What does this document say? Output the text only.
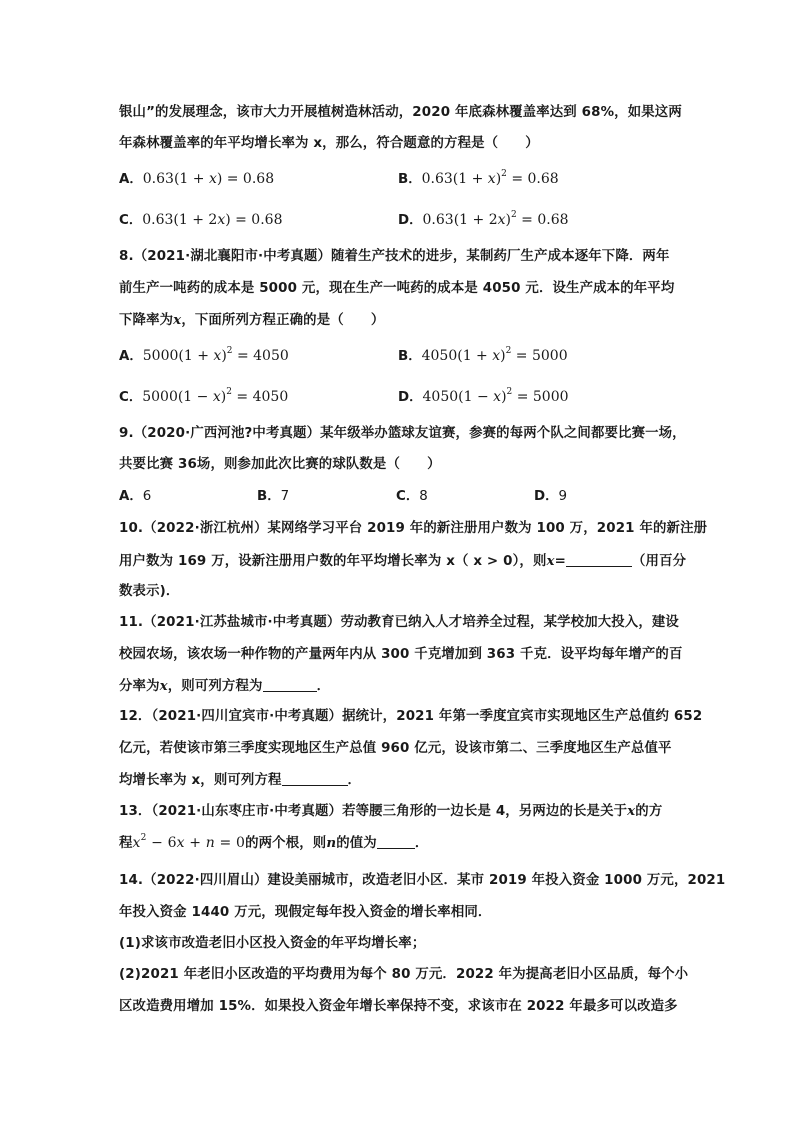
银山”的发展理念，该市大力开展植树造林活动，2020 年底森林覆盖率达到 68%，如果这两
年森林覆盖率的年平均增长率为 x，那么，符合题意的方程是（　　）
A．0.63(1 + x) = 0.68	B．$0.63(1 + x)^2 = 0.68$
C．0.63(1 + 2x) = 0.68	D．$0.63(1 + 2x)^2 = 0.68$
8.（2021·湖北襄阳市·中考真题）随着生产技术的进步，某制药厂生产成本逐年下降．两年
前生产一吨药的成本是 5000 元，现在生产一吨药的成本是 4050 元．设生产成本的年平均
下降率为x，下面所列方程正确的是（　　）
A．$5000(1 + x)^2 = 4050$	B．$4050(1 + x)^2 = 5000$
C．$5000(1 - x)^2 = 4050$	D．$4050(1 - x)^2 = 5000$
9.（2020·广西河池?中考真题）某年级举办篮球友谊赛，参赛的每两个队之间都要比赛一场，
共要比赛 36场，则参加此次比赛的球队数是（　　）
A．6	B．7	C．8	D．9
10.（2022·浙江杭州）某网络学习平台 2019 年的新注册用户数为 100 万，2021 年的新注册
用户数为 169 万，设新注册用户数的年平均增长率为 x（ x > 0），则x=	（用百分
数表示)．
11.（2021·江苏盐城市·中考真题）劳动教育已纳入人才培养全过程，某学校加大投入，建设
校园农场，该农场一种作物的产量两年内从 300 千克增加到 363 千克．设平均每年增产的百
分率为x，则可列方程为	．
12．（2021·四川宜宾市·中考真题）据统计，2021 年第一季度宜宾市实现地区生产总值约 652
亿元，若使该市第三季度实现地区生产总值 960 亿元，设该市第二、三季度地区生产总值平
均增长率为 x，则可列方程	．
13．（2021·山东枣庄市·中考真题）若等腰三角形的一边长是 4，另两边的长是关于x的方
程$x^2 - 6x + n = 0$的两个根，则n的值为	．
14.（2022·四川眉山）建设美丽城市，改造老旧小区．某市 2019 年投入资金 1000 万元，2021
年投入资金 1440 万元，现假定每年投入资金的增长率相同．
(1)求该市改造老旧小区投入资金的年平均增长率；
(2)2021 年老旧小区改造的平均费用为每个 80 万元．2022 年为提高老旧小区品质，每个小
区改造费用增加 15%．如果投入资金年增长率保持不变，求该市在 2022 年最多可以改造多
